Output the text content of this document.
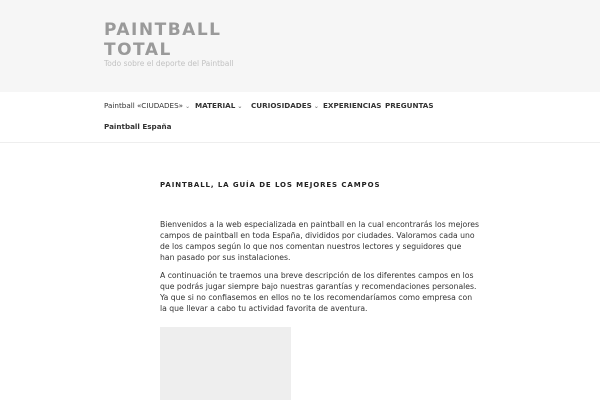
PAINTBALL TOTAL
Todo sobre el deporte del Paintball
Paintball «CIUDADES» ⌄ MATERIAL ⌄ CURIOSIDADES ⌄ EXPERIENCIAS PREGUNTAS
Paintball España
PAINTBALL, LA GUÍA DE LOS MEJORES CAMPOS

Bienvenidos a la web especializada en paintball en la cual encontrarás los mejores
campos de paintball en toda España, divididos por ciudades. Valoramos cada uno
de los campos según lo que nos comentan nuestros lectores y seguidores que
han pasado por sus instalaciones.

A continuación te traemos una breve descripción de los diferentes campos en los
que podrás jugar siempre bajo nuestras garantías y recomendaciones personales.
Ya que si no confiasemos en ellos no te los recomendaríamos como empresa con
la que llevar a cabo tu actividad favorita de aventura.
